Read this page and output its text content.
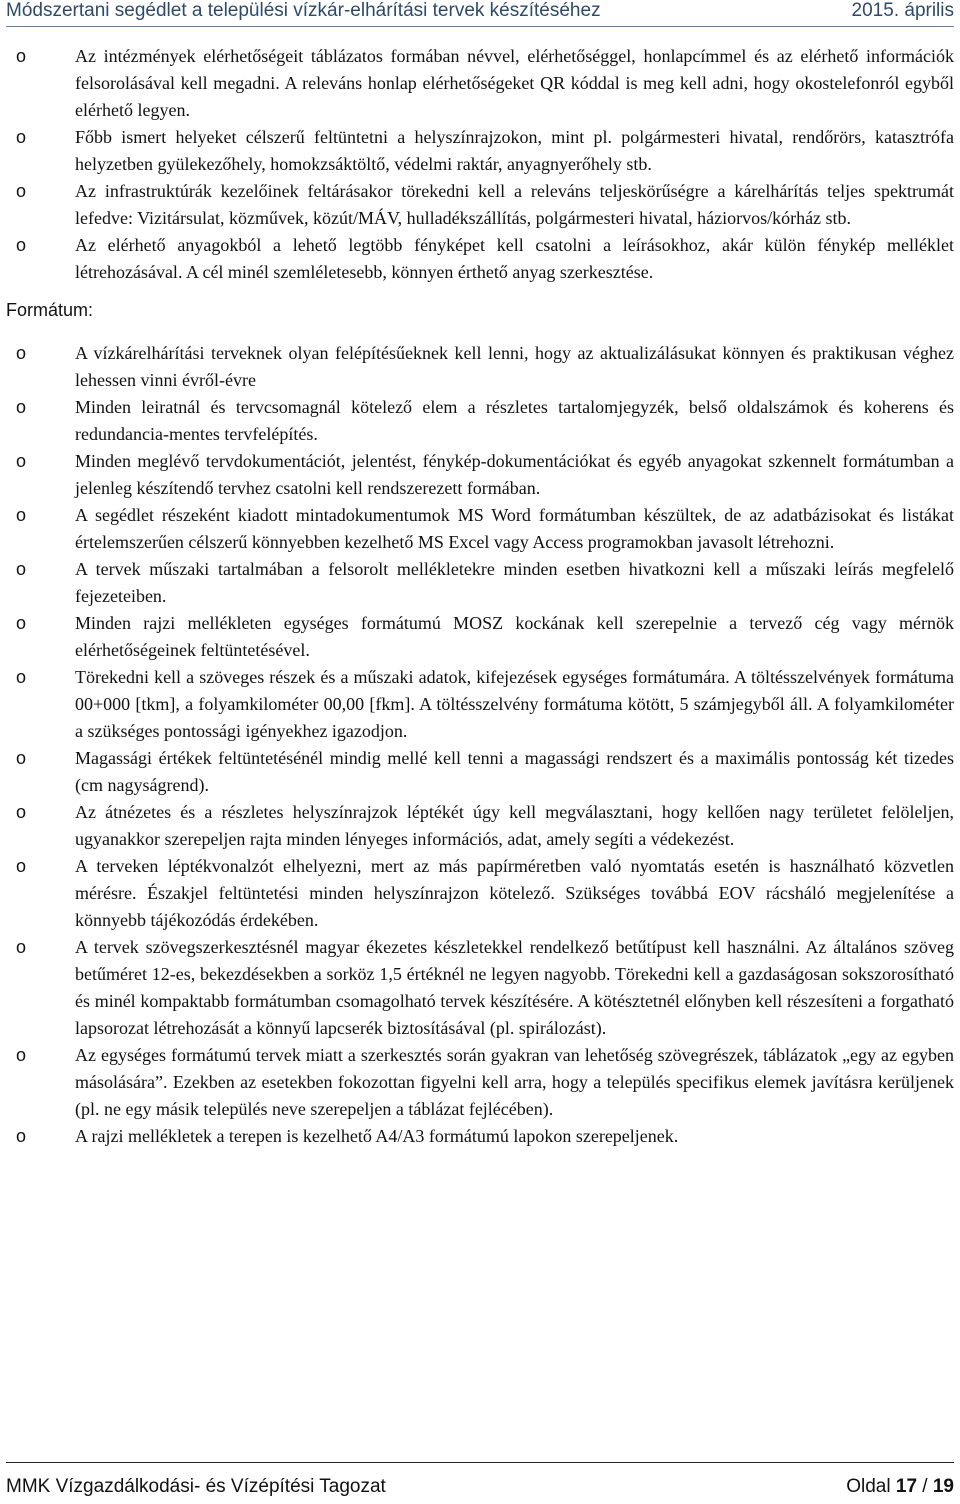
Módszertani segédlet a települési vízkár-elhárítási tervek készítéséhez	2015. április
o	Az intézmények elérhetőségeit táblázatos formában névvel, elérhetőséggel, honlapcímmel és az elérhető információk felsorolásával kell megadni. A releváns honlap elérhetőségeket QR kóddal is meg kell adni, hogy okostelefonról egyből elérhető legyen.
o	Főbb ismert helyeket célszerű feltüntetni a helyszínrajzokon, mint pl. polgármesteri hivatal, rendőrörs, katasztrófa helyzetben gyülekezőhely, homokzsáktöltő, védelmi raktár, anyagnyerőhely stb.
o	Az infrastruktúrák kezelőinek feltárásakor törekedni kell a releváns teljeskörűségre a kárelhárítás teljes spektrumát lefedve: Vizitársulat, közművek, közút/MÁV, hulladékszállítás, polgármesteri hivatal, háziorvos/kórház stb.
o	Az elérhető anyagokból a lehető legtöbb fényképet kell csatolni a leírásokhoz, akár külön fénykép melléklet létrehozásával. A cél minél szemléletesebb, könnyen érthető anyag szerkesztése.
Formátum:
o	A vízkárelhárítási terveknek olyan felépítésűeknek kell lenni, hogy az aktualizálásukat könnyen és praktikusan véghez lehessen vinni évről-évre
o	Minden leiratnál és tervcsomagnál kötelező elem a részletes tartalomjegyzék, belső oldalszámok és koherens és redundancia-mentes tervfelépítés.
o	Minden meglévő tervdokumentációt, jelentést, fénykép-dokumentációkat és egyéb anyagokat szkennelt formátumban a jelenleg készítendő tervhez csatolni kell rendszerezett formában.
o	A segédlet részeként kiadott mintadokumentumok MS Word formátumban készültek, de az adatbázisokat és listákat értelemszerűen célszerű könnyebben kezelhető MS Excel vagy Access programokban javasolt létrehozni.
o	A tervek műszaki tartalmában a felsorolt mellékletekre minden esetben hivatkozni kell a műszaki leírás megfelelő fejezeteiben.
o	Minden rajzi mellékleten egységes formátumú MOSZ kockának kell szerepelnie a tervező cég vagy mérnök elérhetőségeinek feltüntetésével.
o	Törekedni kell a szöveges részek és a műszaki adatok, kifejezések egységes formátumára. A töltésszelvények formátuma 00+000 [tkm], a folyamkilométer 00,00 [fkm]. A töltésszelvény formátuma kötött, 5 számjegyből áll. A folyamkilométer a szükséges pontossági igényekhez igazodjon.
o	Magassági értékek feltüntetésénél mindig mellé kell tenni a magassági rendszert és a maximális pontosság két tizedes (cm nagyságrend).
o	Az átnézetes és a részletes helyszínrajzok léptékét úgy kell megválasztani, hogy kellően nagy területet felöleljen, ugyanakkor szerepeljen rajta minden lényeges információs, adat, amely segíti a védekezést.
o	A terveken léptékvonalzót elhelyezni, mert az más papírméretben való nyomtatás esetén is használható közvetlen mérésre. Északjel feltüntetési minden helyszínrajzon kötelező. Szükséges továbbá EOV rácsháló megjelenítése a könnyebb tájékozódás érdekében.
o	A tervek szövegszerkesztésnél magyar ékezetes készletekkel rendelkező betűtípust kell használni. Az általános szöveg betűméret 12-es, bekezdésekben a sorköz 1,5 értéknél ne legyen nagyobb. Törekedni kell a gazdaságosan sokszorosítható és minél kompaktabb formátumban csomagolható tervek készítésére. A kötésztetnél előnyben kell részesíteni a forgatható lapsorozat létrehozását a könnyű lapcserék biztosításával (pl. spirálozást).
o	Az egységes formátumú tervek miatt a szerkesztés során gyakran van lehetőség szövegrészek, táblázatok „egy az egyben másolására”. Ezekben az esetekben fokozottan figyelni kell arra, hogy a település specifikus elemek javításra kerüljenek (pl. ne egy másik település neve szerepeljen a táblázat fejlécében).
o	A rajzi mellékletek a terepen is kezelhető A4/A3 formátumú lapokon szerepeljenek.
MMK Vízgazdálkodási- és Vízépítési Tagozat	Oldal 17 / 19
